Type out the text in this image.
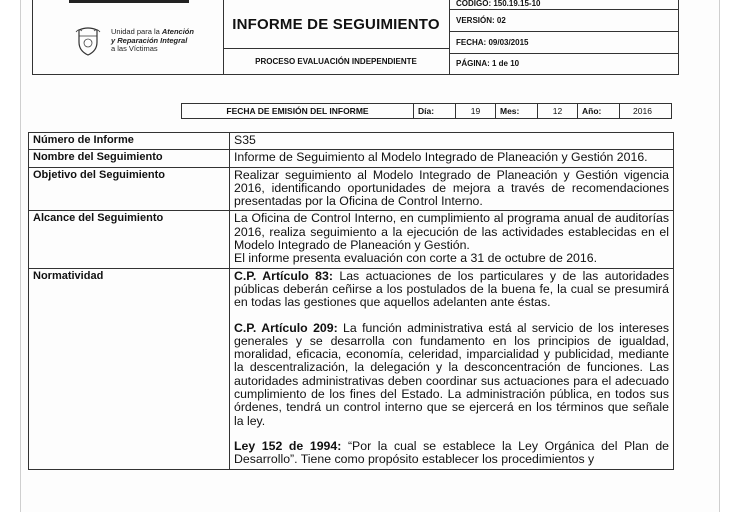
Unidad para la Atención
y Reparación Integral
a las Víctimas
INFORME DE SEGUIMIENTO
PROCESO EVALUACIÓN INDEPENDIENTE
CODIGO: 150.19.15-10
VERSIÓN: 02
FECHA: 09/03/2015
PÁGINA: 1 de 10
FECHA DE EMISIÓN DEL INFORME	Día:	19	Mes:	12	Año:	2016
Número de Informe	S35
Nombre del Seguimiento	Informe de Seguimiento al Modelo Integrado de Planeación y Gestión 2016.
Objetivo del Seguimiento	Realizar seguimiento al Modelo Integrado de Planeación y Gestión vigencia 2016, identificando oportunidades de mejora a través de recomendaciones presentadas por la Oficina de Control Interno.
Alcance del Seguimiento	La Oficina de Control Interno, en cumplimiento al programa anual de auditorías 2016, realiza seguimiento a la ejecución de las actividades establecidas en el Modelo Integrado de Planeación y Gestión.
El informe presenta evaluación con corte a 31 de octubre de 2016.

Normatividad	C.P. Artículo 83: Las actuaciones de los particulares y de las autoridades públicas deberán ceñirse a los postulados de la buena fe, la cual se presumirá en todas las gestiones que aquellos adelanten ante éstas.

C.P. Artículo 209: La función administrativa está al servicio de los intereses generales y se desarrolla con fundamento en los principios de igualdad, moralidad, eficacia, economía, celeridad, imparcialidad y publicidad, mediante la descentralización, la delegación y la desconcentración de funciones. Las autoridades administrativas deben coordinar sus actuaciones para el adecuado cumplimiento de los fines del Estado. La administración pública, en todos sus órdenes, tendrá un control interno que se ejercerá en los términos que señale la ley.

Ley 152 de 1994: “Por la cual se establece la Ley Orgánica del Plan de Desarrollo”. Tiene como propósito establecer los procedimientos y
